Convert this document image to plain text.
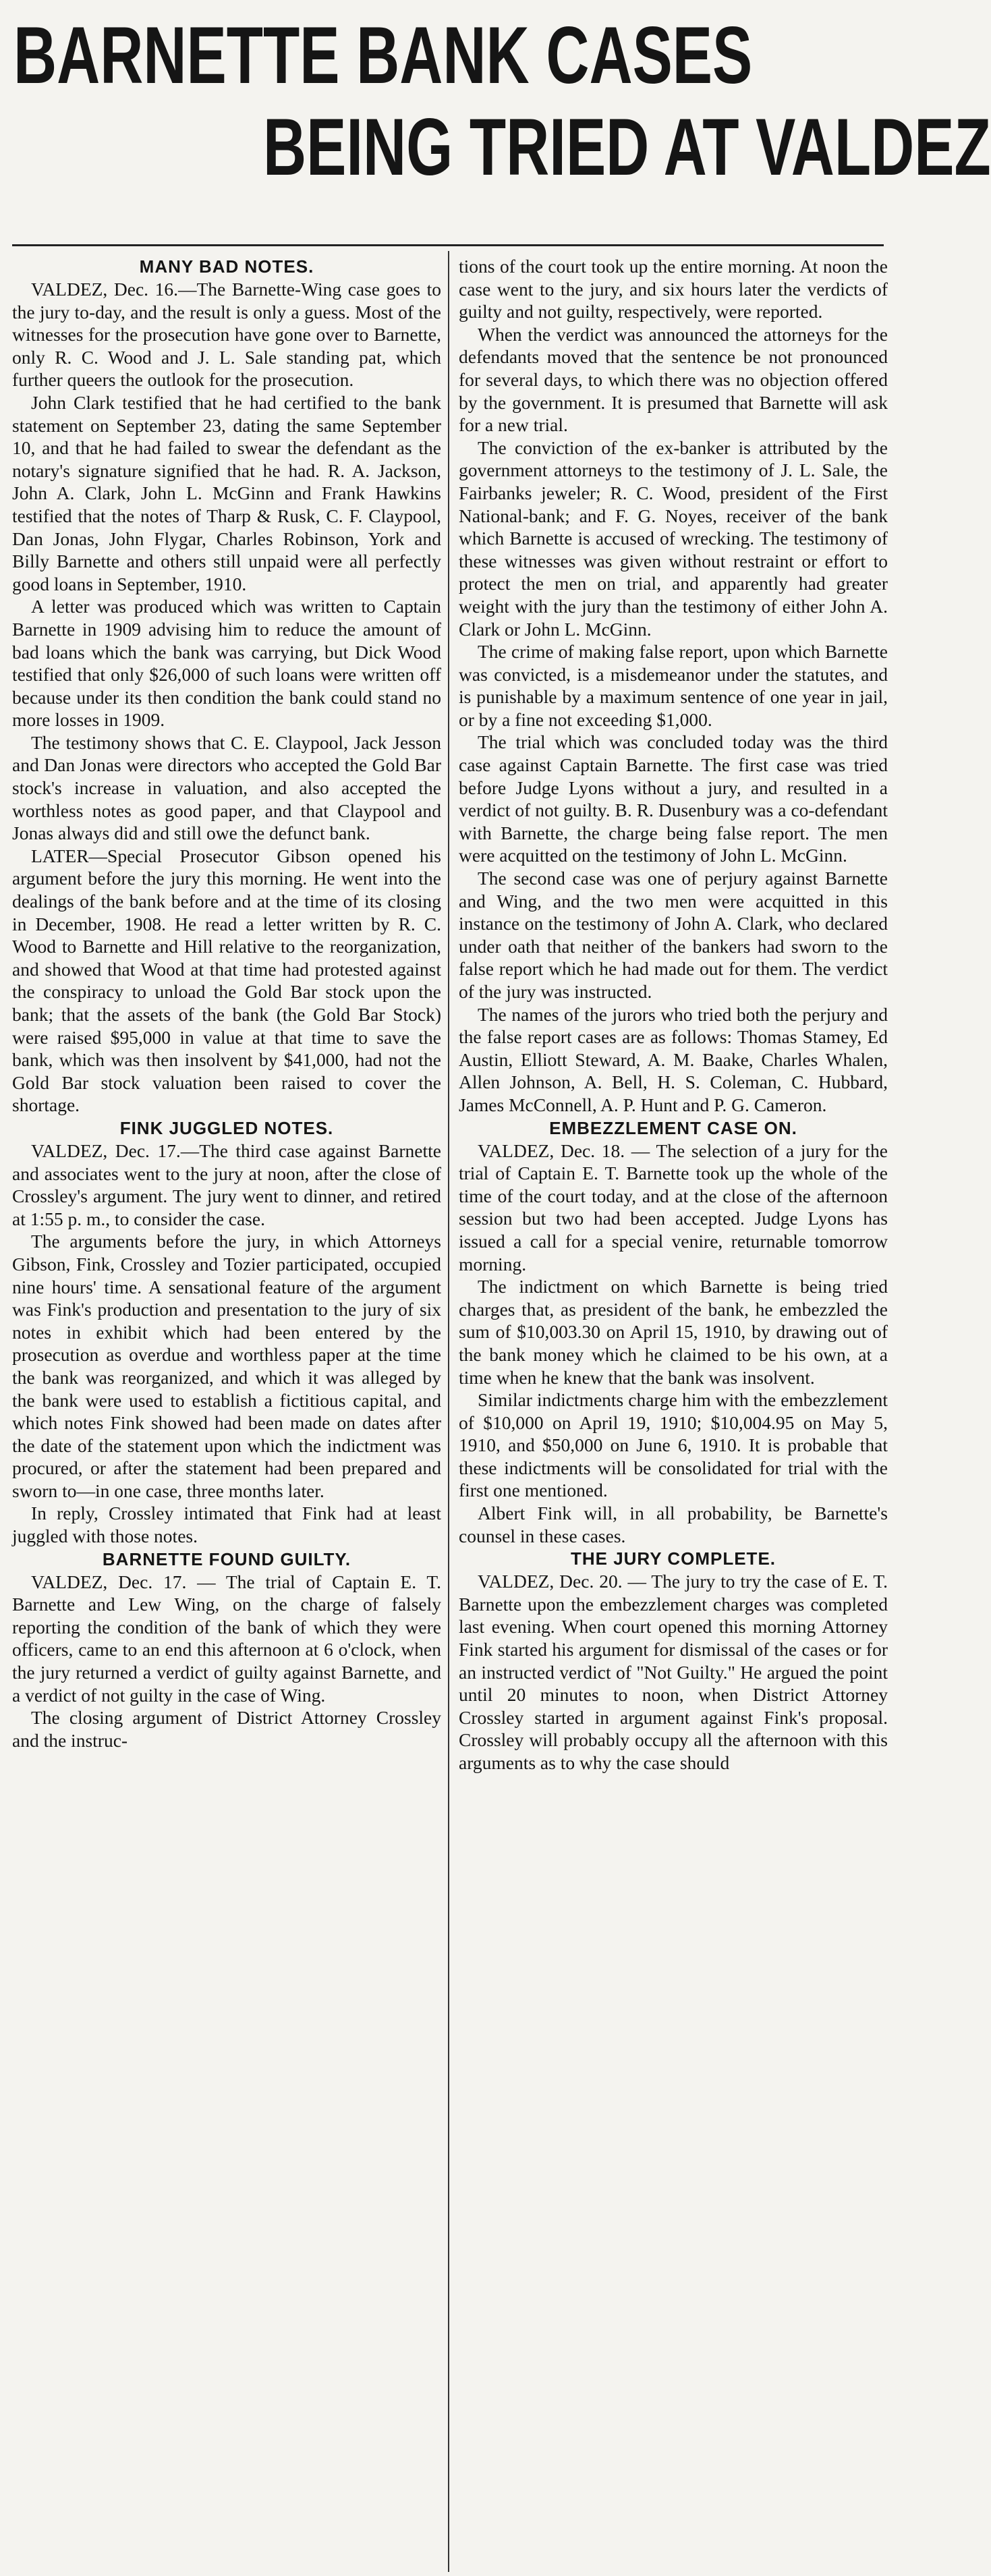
BARNETTE BANK CASES
BEING TRIED AT VALDEZ
MANY BAD NOTES.

VALDEZ, Dec. 16.—The Barnette-Wing case goes to the jury to-day, and the result is only a guess. Most of the witnesses for the prosecution have gone over to Barnette, only R. C. Wood and J. L. Sale standing pat, which further queers the outlook for the prosecution.

John Clark testified that he had certified to the bank statement on September 23, dating the same September 10, and that he had failed to swear the defendant as the notary's signature signified that he had. R. A. Jackson, John A. Clark, John L. McGinn and Frank Hawkins testified that the notes of Tharp & Rusk, C. F. Claypool, Dan Jonas, John Flygar, Charles Robinson, York and Billy Barnette and others still unpaid were all perfectly good loans in September, 1910.

A letter was produced which was written to Captain Barnette in 1909 advising him to reduce the amount of bad loans which the bank was carrying, but Dick Wood testified that only $26,000 of such loans were written off because under its then condition the bank could stand no more losses in 1909.

The testimony shows that C. E. Claypool, Jack Jesson and Dan Jonas were directors who accepted the Gold Bar stock's increase in valuation, and also accepted the worthless notes as good paper, and that Claypool and Jonas always did and still owe the defunct bank.

LATER—Special Prosecutor Gibson opened his argument before the jury this morning. He went into the dealings of the bank before and at the time of its closing in December, 1908. He read a letter written by R. C. Wood to Barnette and Hill relative to the reorganization, and showed that Wood at that time had protested against the conspiracy to unload the Gold Bar stock upon the bank; that the assets of the bank (the Gold Bar Stock) were raised $95,000 in value at that time to save the bank, which was then insolvent by $41,000, had not the Gold Bar stock valuation been raised to cover the shortage.

FINK JUGGLED NOTES.

VALDEZ, Dec. 17.—The third case against Barnette and associates went to the jury at noon, after the close of Crossley's argument. The jury went to dinner, and retired at 1:55 p. m., to consider the case.

The arguments before the jury, in which Attorneys Gibson, Fink, Crossley and Tozier participated, occupied nine hours' time. A sensational feature of the argument was Fink's production and presentation to the jury of six notes in exhibit which had been entered by the prosecution as overdue and worthless paper at the time the bank was reorganized, and which it was alleged by the bank were used to establish a fictitious capital, and which notes Fink showed had been made on dates after the date of the statement upon which the indictment was procured, or after the statement had been prepared and sworn to—in one case, three months later.

In reply, Crossley intimated that Fink had at least juggled with those notes.

BARNETTE FOUND GUILTY.

VALDEZ, Dec. 17. — The trial of Captain E. T. Barnette and Lew Wing, on the charge of falsely reporting the condition of the bank of which they were officers, came to an end this afternoon at 6 o'clock, when the jury returned a verdict of guilty against Barnette, and a verdict of not guilty in the case of Wing.

The closing argument of District Attorney Crossley and the instruc-

tions of the court took up the entire morning. At noon the case went to the jury, and six hours later the verdicts of guilty and not guilty, respectively, were reported.

When the verdict was announced the attorneys for the defendants moved that the sentence be not pronounced for several days, to which there was no objection offered by the government. It is presumed that Barnette will ask for a new trial.

The conviction of the ex-banker is attributed by the government attorneys to the testimony of J. L. Sale, the Fairbanks jeweler; R. C. Wood, president of the First National-bank; and F. G. Noyes, receiver of the bank which Barnette is accused of wrecking. The testimony of these witnesses was given without restraint or effort to protect the men on trial, and apparently had greater weight with the jury than the testimony of either John A. Clark or John L. McGinn.

The crime of making false report, upon which Barnette was convicted, is a misdemeanor under the statutes, and is punishable by a maximum sentence of one year in jail, or by a fine not exceeding $1,000.

The trial which was concluded today was the third case against Captain Barnette. The first case was tried before Judge Lyons without a jury, and resulted in a verdict of not guilty. B. R. Dusenbury was a co-defendant with Barnette, the charge being false report. The men were acquitted on the testimony of John L. McGinn.

The second case was one of perjury against Barnette and Wing, and the two men were acquitted in this instance on the testimony of John A. Clark, who declared under oath that neither of the bankers had sworn to the false report which he had made out for them. The verdict of the jury was instructed.

The names of the jurors who tried both the perjury and the false report cases are as follows: Thomas Stamey, Ed Austin, Elliott Steward, A. M. Baake, Charles Whalen, Allen Johnson, A. Bell, H. S. Coleman, C. Hubbard, James McConnell, A. P. Hunt and P. G. Cameron.

EMBEZZLEMENT CASE ON.

VALDEZ, Dec. 18. — The selection of a jury for the trial of Captain E. T. Barnette took up the whole of the time of the court today, and at the close of the afternoon session but two had been accepted. Judge Lyons has issued a call for a special venire, returnable tomorrow morning.

The indictment on which Barnette is being tried charges that, as president of the bank, he embezzled the sum of $10,003.30 on April 15, 1910, by drawing out of the bank money which he claimed to be his own, at a time when he knew that the bank was insolvent.

Similar indictments charge him with the embezzlement of $10,000 on April 19, 1910; $10,004.95 on May 5, 1910, and $50,000 on June 6, 1910. It is probable that these indictments will be consolidated for trial with the first one mentioned.

Albert Fink will, in all probability, be Barnette's counsel in these cases.

THE JURY COMPLETE.

VALDEZ, Dec. 20. — The jury to try the case of E. T. Barnette upon the embezzlement charges was completed last evening. When court opened this morning Attorney Fink started his argument for dismissal of the cases or for an instructed verdict of "Not Guilty." He argued the point until 20 minutes to noon, when District Attorney Crossley started in argument against Fink's proposal. Crossley will probably occupy all the afternoon with this arguments as to why the case should
